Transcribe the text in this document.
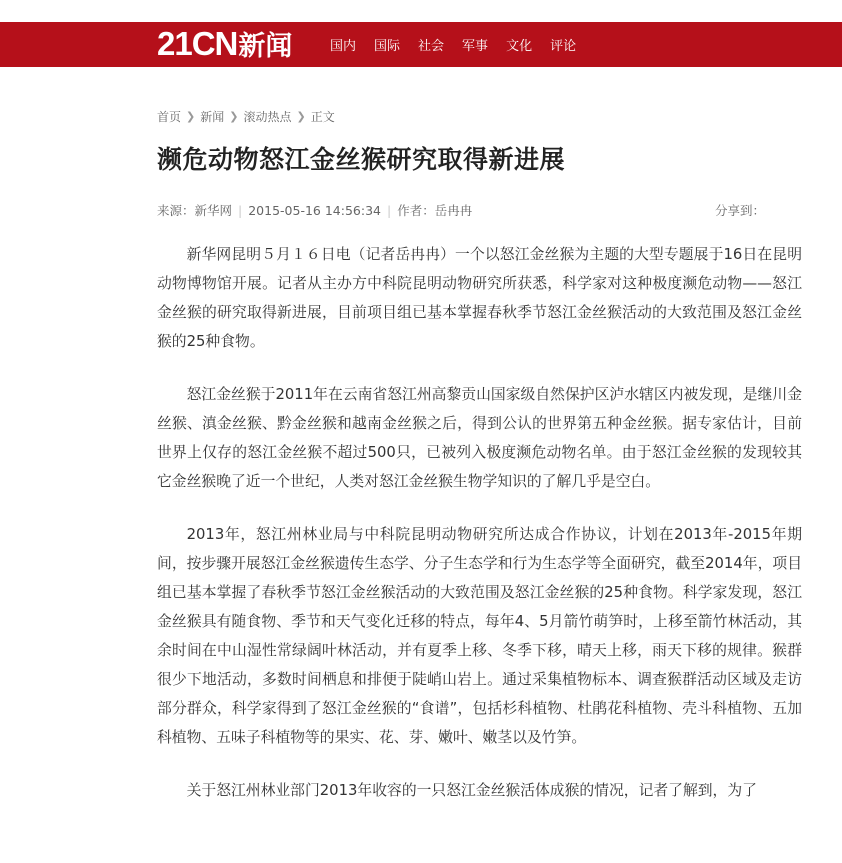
21CN 新闻	国内 国际 社会 军事 文化 评论
首页 ❯ 新闻 ❯ 滚动热点 ❯ 正文
濒危动物怒江金丝猴研究取得新进展
来源：新华网 | 2015-05-16 14:56:34 | 作者：岳冉冉	分享到：

新华网昆明５月１６日电（记者岳冉冉）一个以怒江金丝猴为主题的大型专题展于16日在昆明动物博物馆开展。记者从主办方中科院昆明动物研究所获悉，科学家对这种极度濒危动物——怒江金丝猴的研究取得新进展，目前项目组已基本掌握春秋季节怒江金丝猴活动的大致范围及怒江金丝猴的25种食物。

怒江金丝猴于2011年在云南省怒江州高黎贡山国家级自然保护区泸水辖区内被发现，是继川金丝猴、滇金丝猴、黔金丝猴和越南金丝猴之后，得到公认的世界第五种金丝猴。据专家估计，目前世界上仅存的怒江金丝猴不超过500只，已被列入极度濒危动物名单。由于怒江金丝猴的发现较其它金丝猴晚了近一个世纪，人类对怒江金丝猴生物学知识的了解几乎是空白。

2013年，怒江州林业局与中科院昆明动物研究所达成合作协议，计划在2013年-2015年期间，按步骤开展怒江金丝猴遗传生态学、分子生态学和行为生态学等全面研究，截至2014年，项目组已基本掌握了春秋季节怒江金丝猴活动的大致范围及怒江金丝猴的25种食物。科学家发现，怒江金丝猴具有随食物、季节和天气变化迁移的特点，每年4、5月箭竹萌笋时，上移至箭竹林活动，其余时间在中山湿性常绿阔叶林活动，并有夏季上移、冬季下移，晴天上移，雨天下移的规律。猴群很少下地活动，多数时间栖息和排便于陡峭山岩上。通过采集植物标本、调查猴群活动区域及走访部分群众，科学家得到了怒江金丝猴的“食谱”，包括杉科植物、杜鹃花科植物、壳斗科植物、五加科植物、五味子科植物等的果实、花、芽、嫩叶、嫩茎以及竹笋。

关于怒江州林业部门2013年收容的一只怒江金丝猴活体成猴的情况，记者了解到，为了
